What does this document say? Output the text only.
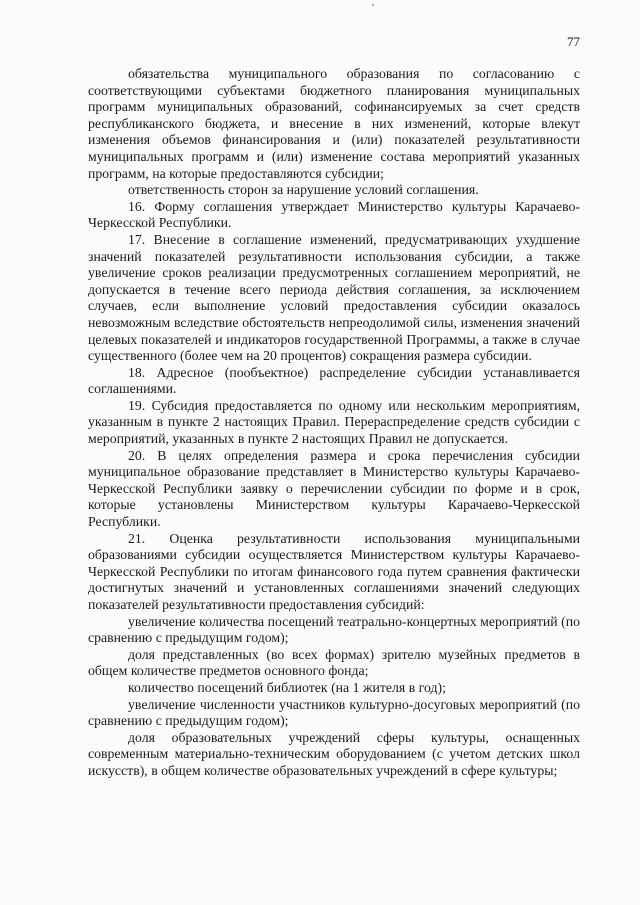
77

обязательства муниципального образования по согласованию с соответствующими субъектами бюджетного планирования муниципальных программ муниципальных образований, софинансируемых за счет средств республиканского бюджета, и внесение в них изменений, которые влекут изменения объемов финансирования и (или) показателей результативности муниципальных программ и (или) изменение состава мероприятий указанных программ, на которые предоставляются субсидии;

ответственность сторон за нарушение условий соглашения.

16. Форму соглашения утверждает Министерство культуры Карачаево-Черкесской Республики.

17. Внесение в соглашение изменений, предусматривающих ухудшение значений показателей результативности использования субсидии, а также увеличение сроков реализации предусмотренных соглашением мероприятий, не допускается в течение всего периода действия соглашения, за исключением случаев, если выполнение условий предоставления субсидии оказалось невозможным вследствие обстоятельств непреодолимой силы, изменения значений целевых показателей и индикаторов государственной Программы, а также в случае существенного (более чем на 20 процентов) сокращения размера субсидии.

18. Адресное (пообъектное) распределение субсидии устанавливается соглашениями.

19. Субсидия предоставляется по одному или нескольким мероприятиям, указанным в пункте 2 настоящих Правил. Перераспределение средств субсидии с мероприятий, указанных в пункте 2 настоящих Правил не допускается.

20. В целях определения размера и срока перечисления субсидии муниципальное образование представляет в Министерство культуры Карачаево-Черкесской Республики заявку о перечислении субсидии по форме и в срок, которые установлены Министерством культуры Карачаево-Черкесской Республики.

21. Оценка результативности использования муниципальными образованиями субсидии осуществляется Министерством культуры Карачаево-Черкесской Республики по итогам финансового года путем сравнения фактически достигнутых значений и установленных соглашениями значений следующих показателей результативности предоставления субсидий:

увеличение количества посещений театрально-концертных мероприятий (по сравнению с предыдущим годом);

доля представленных (во всех формах) зрителю музейных предметов в общем количестве предметов основного фонда;

количество посещений библиотек (на 1 жителя в год);

увеличение численности участников культурно-досуговых мероприятий (по сравнению с предыдущим годом);

доля образовательных учреждений сферы культуры, оснащенных современным материально-техническим оборудованием (с учетом детских школ искусств), в общем количестве образовательных учреждений в сфере культуры;
